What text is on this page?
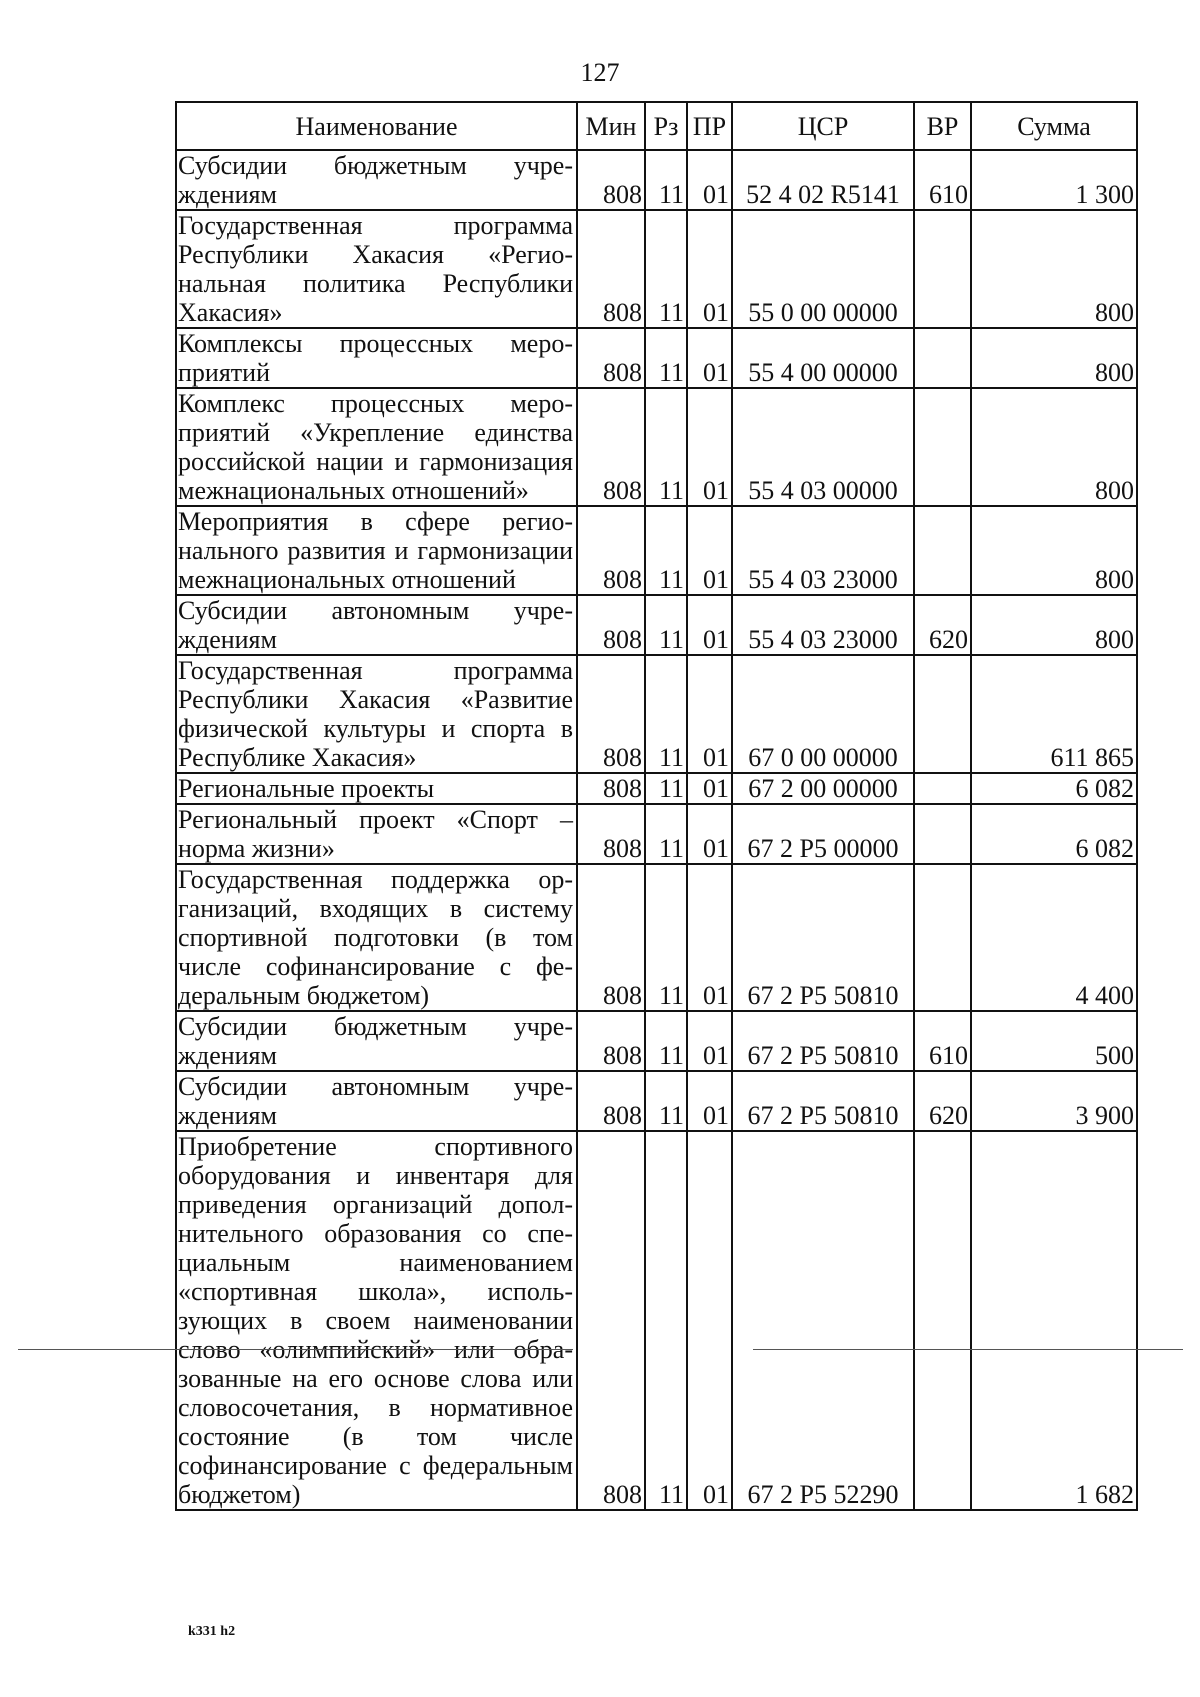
127
Наименование	Мин	Рз	ПР	ЦСР	ВР	Сумма
Субсидии бюджетным учреждениям	808	11	01	52 4 02 R5141	610	1 300
Государственная программа Республики Хакасия «Региональная политика Республики Хакасия»	808	11	01	55 0 00 00000		800
Комплексы процессных мероприятий	808	11	01	55 4 00 00000		800
Комплекс процессных мероприятий «Укрепление единства российской нации и гармонизация межнациональных отношений»	808	11	01	55 4 03 00000		800
Мероприятия в сфере регионального развития и гармонизации межнациональных отношений	808	11	01	55 4 03 23000		800
Субсидии автономным учреждениям	808	11	01	55 4 03 23000	620	800
Государственная программа Республики Хакасия «Развитие физической культуры и спорта в Республике Хакасия»	808	11	01	67 0 00 00000		611 865
Региональные проекты	808	11	01	67 2 00 00000		6 082
Региональный проект «Спорт – норма жизни»	808	11	01	67 2 P5 00000		6 082
Государственная поддержка организаций, входящих в систему спортивной подготовки (в том числе софинансирование с федеральным бюджетом)	808	11	01	67 2 P5 50810		4 400
Субсидии бюджетным учреждениям	808	11	01	67 2 P5 50810	610	500
Субсидии автономным учреждениям	808	11	01	67 2 P5 50810	620	3 900
Приобретение спортивного оборудования и инвентаря для приведения организаций дополнительного образования со специальным наименованием «спортивная школа», использующих в своем наименовании слово «олимпийский» или образованные на его основе слова или словосочетания, в нормативное состояние (в том числе софинансирование с федеральным бюджетом)	808	11	01	67 2 P5 52290		1 682
k331 h2
